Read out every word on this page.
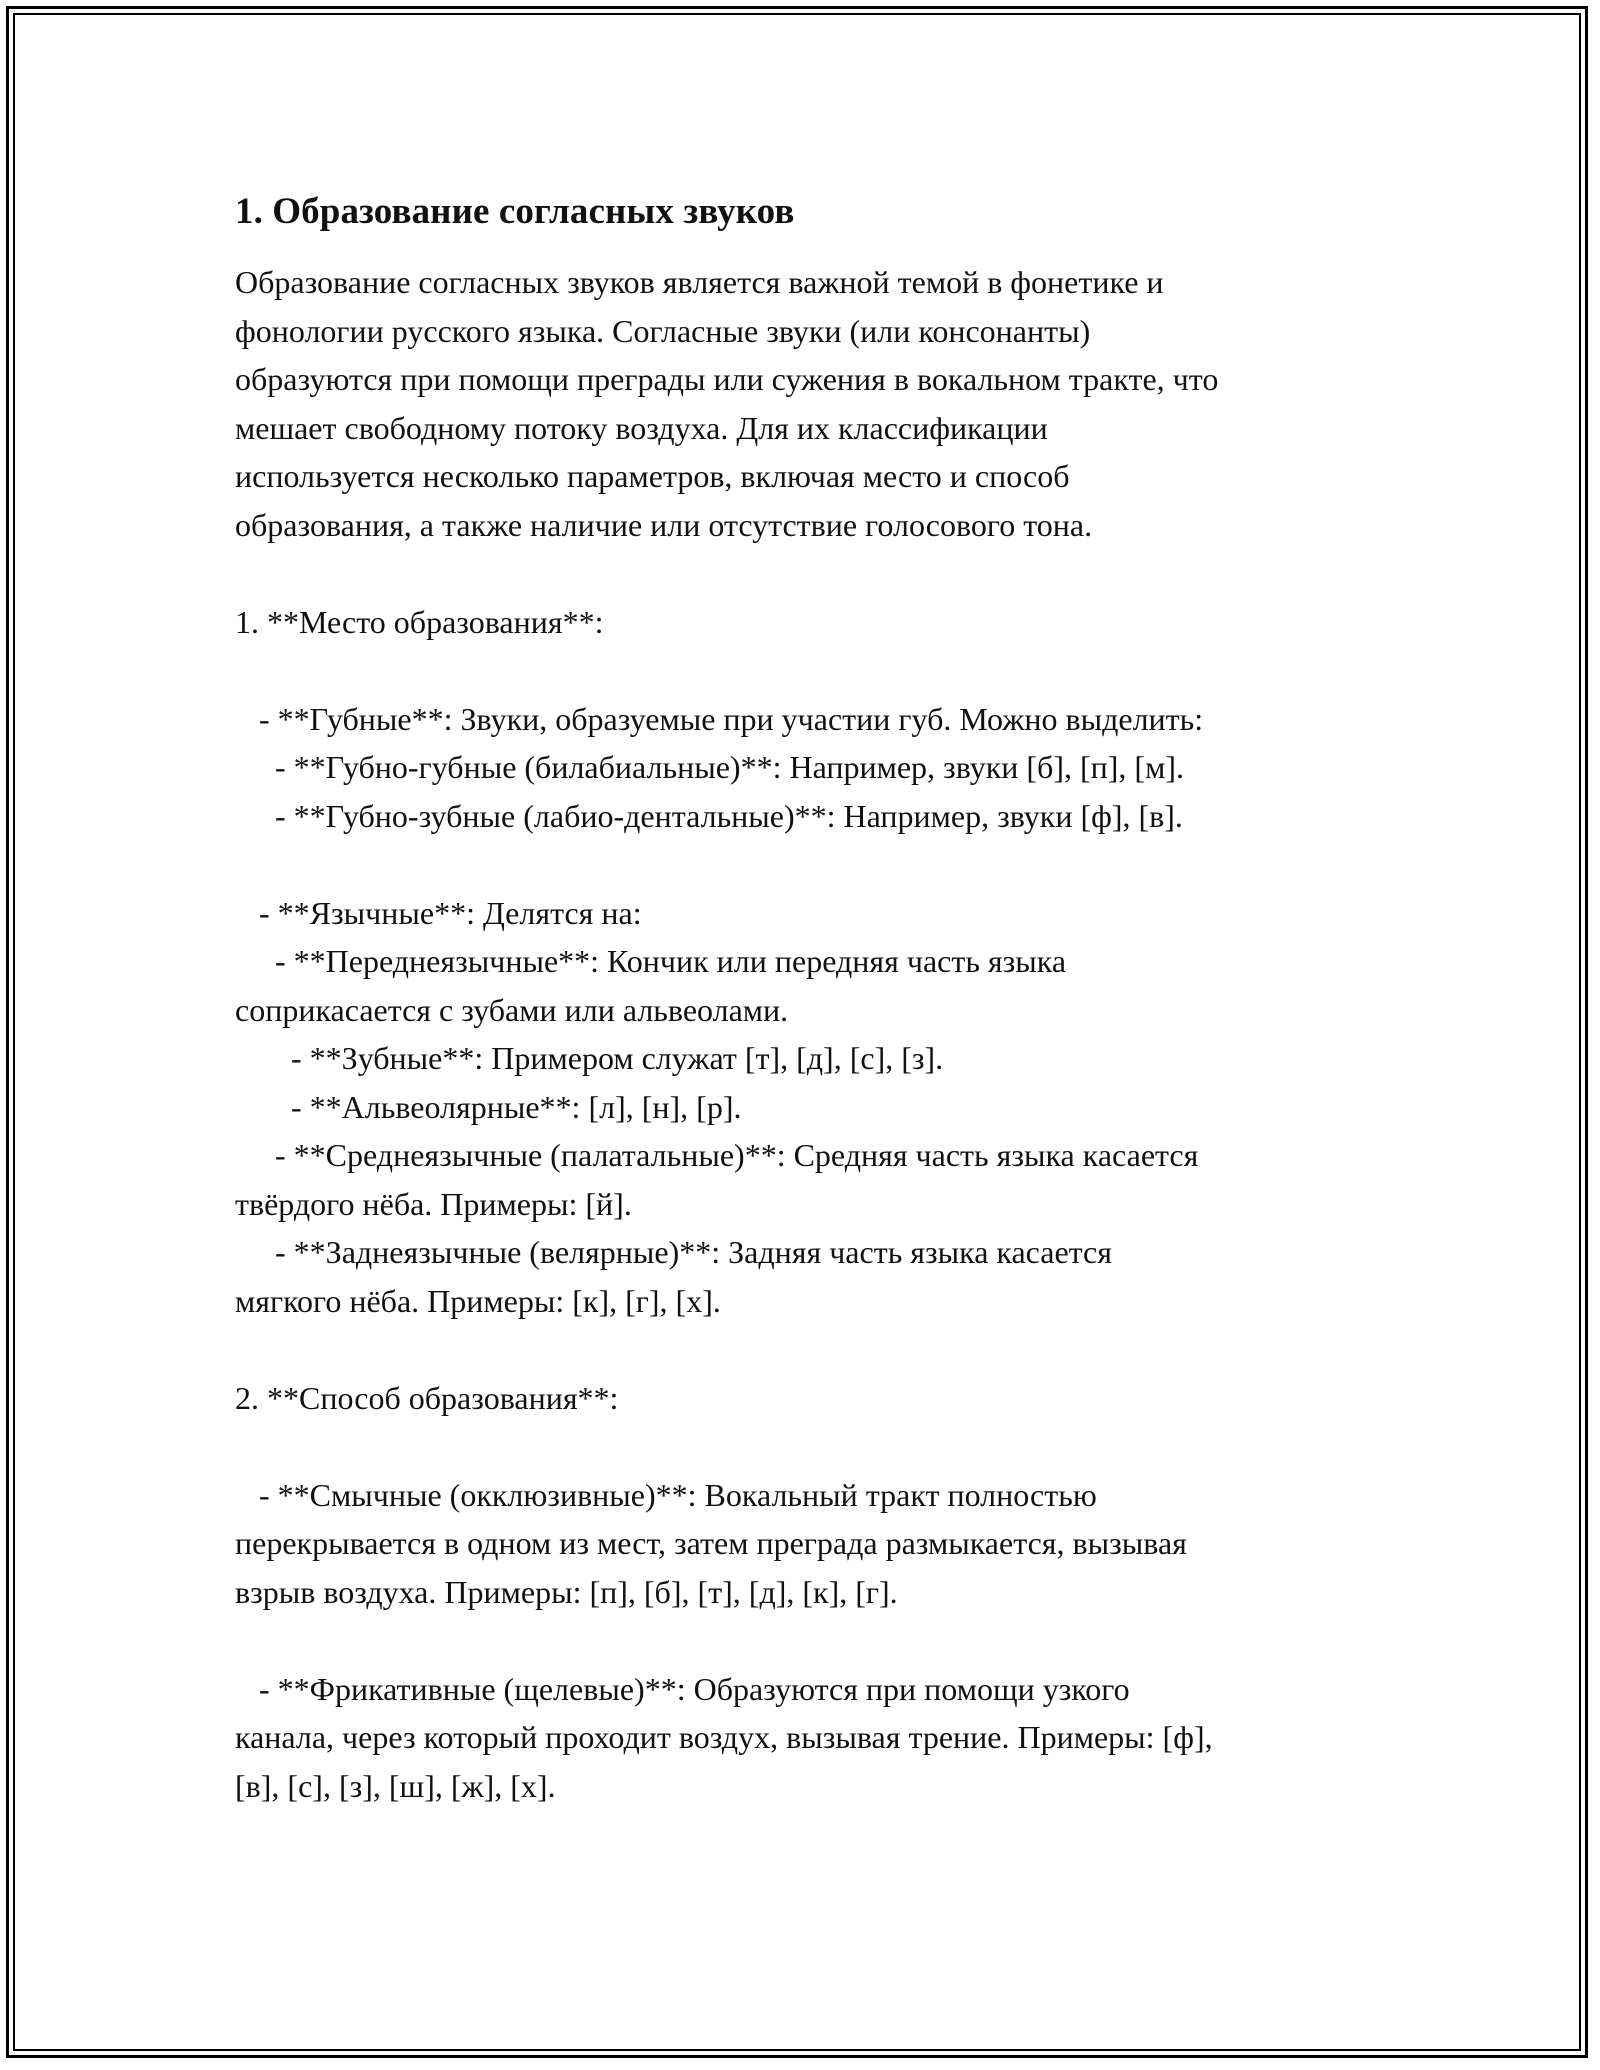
1. Образование согласных звуков
Образование согласных звуков является важной темой в фонетике и
фонологии русского языка. Согласные звуки (или консонанты)
образуются при помощи преграды или сужения в вокальном тракте, что
мешает свободному потоку воздуха. Для их классификации
используется несколько параметров, включая место и способ
образования, а также наличие или отсутствие голосового тона.
1. **Место образования**:
- **Губные**: Звуки, образуемые при участии губ. Можно выделить:
- **Губно-губные (билабиальные)**: Например, звуки [б], [п], [м].
- **Губно-зубные (лабио-дентальные)**: Например, звуки [ф], [в].
- **Язычные**: Делятся на:
- **Переднеязычные**: Кончик или передняя часть языка
соприкасается с зубами или альвеолами.
- **Зубные**: Примером служат [т], [д], [с], [з].
- **Альвеолярные**: [л], [н], [р].
- **Среднеязычные (палатальные)**: Средняя часть языка касается
твёрдого нёба. Примеры: [й].
- **Заднеязычные (велярные)**: Задняя часть языка касается
мягкого нёба. Примеры: [к], [г], [х].
2. **Способ образования**:
- **Смычные (окклюзивные)**: Вокальный тракт полностью
перекрывается в одном из мест, затем преграда размыкается, вызывая
взрыв воздуха. Примеры: [п], [б], [т], [д], [к], [г].
- **Фрикативные (щелевые)**: Образуются при помощи узкого
канала, через который проходит воздух, вызывая трение. Примеры: [ф],
[в], [с], [з], [ш], [ж], [х].
